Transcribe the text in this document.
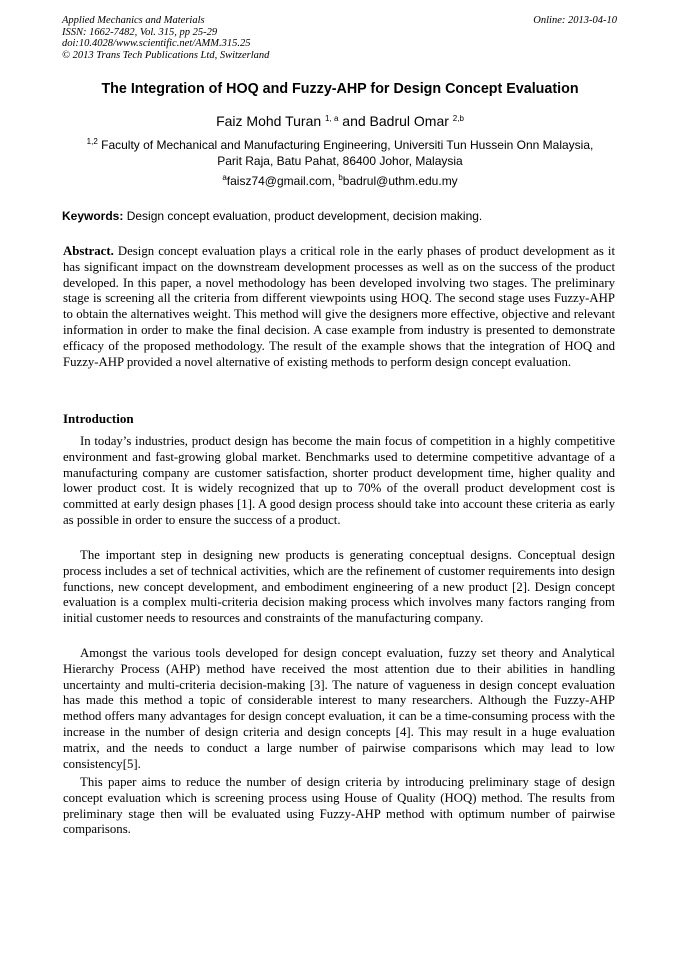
Applied Mechanics and Materials
ISSN: 1662-7482, Vol. 315, pp 25-29
doi:10.4028/www.scientific.net/AMM.315.25
© 2013 Trans Tech Publications Ltd, Switzerland
Online: 2013-04-10
The Integration of HOQ and Fuzzy-AHP for Design Concept Evaluation
Faiz Mohd Turan $^{1, a}$ and Badrul Omar $^{2,b}$
$^{1,2}$ Faculty of Mechanical and Manufacturing Engineering, Universiti Tun Hussein Onn Malaysia,
Parit Raja, Batu Pahat, 86400 Johor, Malaysia
$^a$faisz74@gmail.com, $^b$badrul@uthm.edu.my
Keywords: Design concept evaluation, product development, decision making.
Abstract. Design concept evaluation plays a critical role in the early phases of product development as it has significant impact on the downstream development processes as well as on the success of the product developed. In this paper, a novel methodology has been developed involving two stages. The preliminary stage is screening all the criteria from different viewpoints using HOQ. The second stage uses Fuzzy-AHP to obtain the alternatives weight. This method will give the designers more effective, objective and relevant information in order to make the final decision. A case example from industry is presented to demonstrate efficacy of the proposed methodology. The result of the example shows that the integration of HOQ and Fuzzy-AHP provided a novel alternative of existing methods to perform design concept evaluation.
Introduction

In today’s industries, product design has become the main focus of competition in a highly competitive environment and fast-growing global market. Benchmarks used to determine competitive advantage of a manufacturing company are customer satisfaction, shorter product development time, higher quality and lower product cost. It is widely recognized that up to 70% of the overall product development cost is committed at early design phases [1]. A good design process should take into account these criteria as early as possible in order to ensure the success of a product.

The important step in designing new products is generating conceptual designs. Conceptual design process includes a set of technical activities, which are the refinement of customer requirements into design functions, new concept development, and embodiment engineering of a new product [2]. Design concept evaluation is a complex multi-criteria decision making process which involves many factors ranging from initial customer needs to resources and constraints of the manufacturing company.

Amongst the various tools developed for design concept evaluation, fuzzy set theory and Analytical Hierarchy Process (AHP) method have received the most attention due to their abilities in handling uncertainty and multi-criteria decision-making [3]. The nature of vagueness in design concept evaluation has made this method a topic of considerable interest to many researchers. Although the Fuzzy-AHP method offers many advantages for design concept evaluation, it can be a time-consuming process with the increase in the number of design criteria and design concepts [4]. This may result in a huge evaluation matrix, and the needs to conduct a large number of pairwise comparisons which may lead to low consistency[5].

This paper aims to reduce the number of design criteria by introducing preliminary stage of design concept evaluation which is screening process using House of Quality (HOQ) method. The results from preliminary stage then will be evaluated using Fuzzy-AHP method with optimum number of pairwise comparisons.
